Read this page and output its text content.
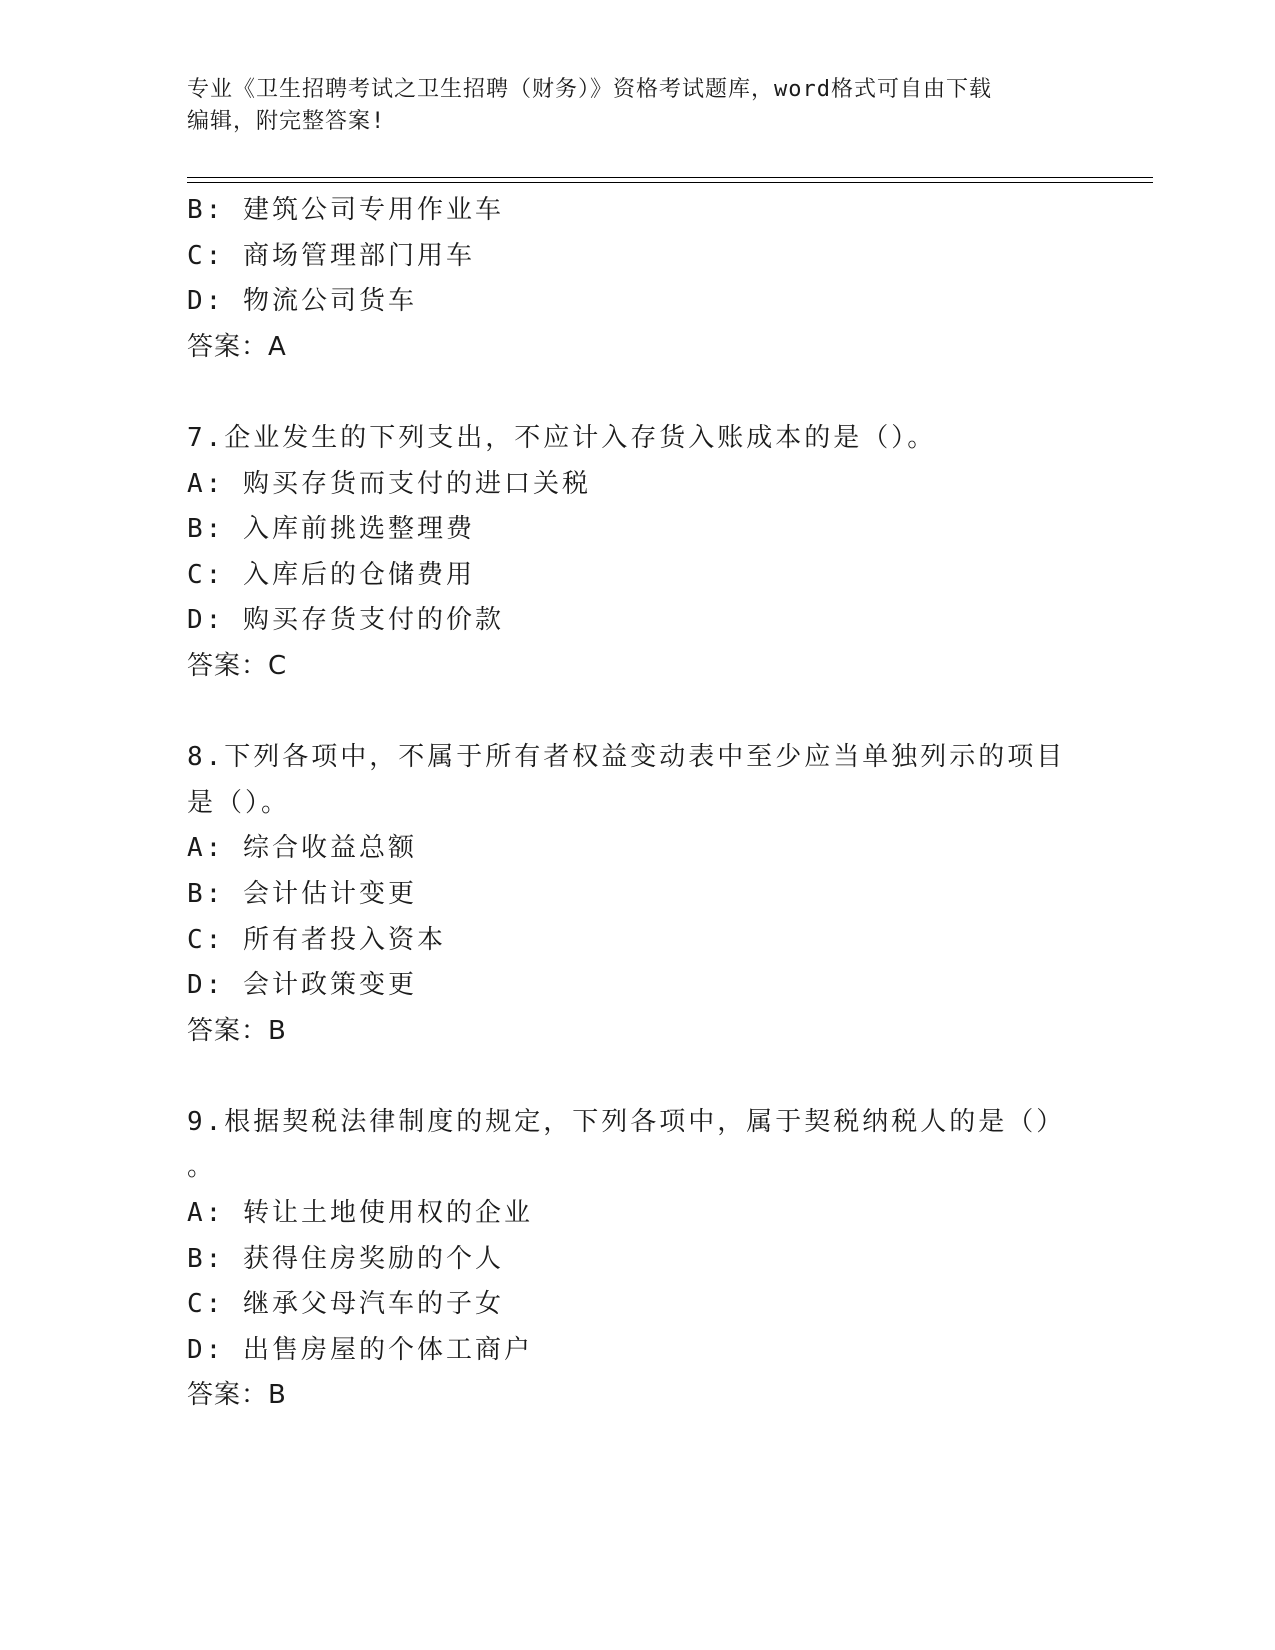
专业《卫生招聘考试之卫生招聘（财务）》资格考试题库，word格式可自由下载
编辑，附完整答案!
B: 建筑公司专用作业车
C: 商场管理部门用车
D: 物流公司货车
答案：A
7.企业发生的下列支出，不应计入存货入账成本的是（）。
A: 购买存货而支付的进口关税
B: 入库前挑选整理费
C: 入库后的仓储费用
D: 购买存货支付的价款
答案：C
8.下列各项中，不属于所有者权益变动表中至少应当单独列示的项目
是（）。
A: 综合收益总额
B: 会计估计变更
C: 所有者投入资本
D: 会计政策变更
答案：B
9.根据契税法律制度的规定，下列各项中，属于契税纳税人的是（）
。
A: 转让土地使用权的企业
B: 获得住房奖励的个人
C: 继承父母汽车的子女
D: 出售房屋的个体工商户
答案：B
